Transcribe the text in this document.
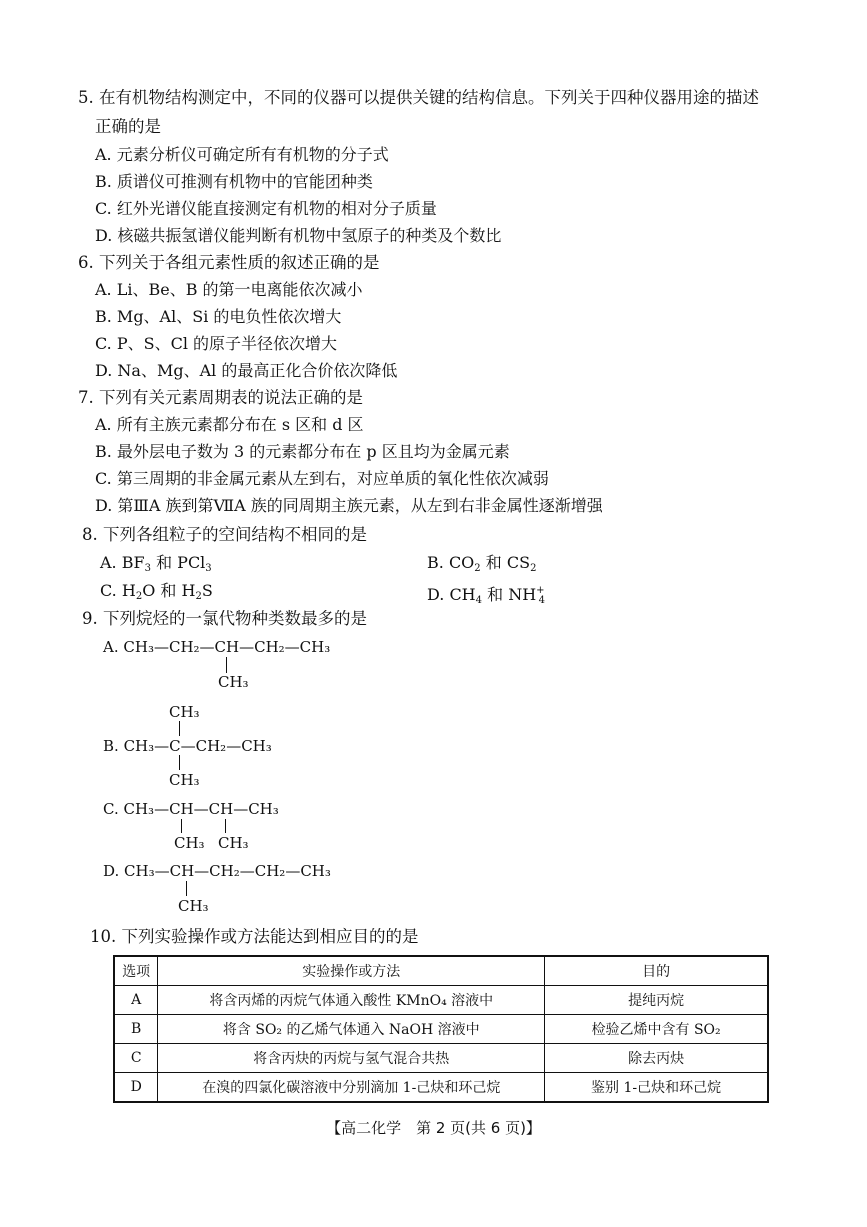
5. 在有机物结构测定中，不同的仪器可以提供关键的结构信息。下列关于四种仪器用途的描述
正确的是
A. 元素分析仪可确定所有有机物的分子式
B. 质谱仪可推测有机物中的官能团种类
C. 红外光谱仪能直接测定有机物的相对分子质量
D. 核磁共振氢谱仪能判断有机物中氢原子的种类及个数比
6. 下列关于各组元素性质的叙述正确的是
A. Li、Be、B 的第一电离能依次减小
B. Mg、Al、Si 的电负性依次增大
C. P、S、Cl 的原子半径依次增大
D. Na、Mg、Al 的最高正化合价依次降低
7. 下列有关元素周期表的说法正确的是
A. 所有主族元素都分布在 s 区和 d 区
B. 最外层电子数为 3 的元素都分布在 p 区且均为金属元素
C. 第三周期的非金属元素从左到右，对应单质的氧化性依次减弱
D. 第ⅢA 族到第ⅦA 族的同周期主族元素，从左到右非金属性逐渐增强
8. 下列各组粒子的空间结构不相同的是
A. $BF_3$ 和 PCl$_3$	B. $CO_2$ 和 $CS_2$
C. $H_2O$ 和 $H_2S$	D. $CH_4$ 和 $NH^+_4$
9. 下列烷烃的一氯代物种类数最多的是
A. CH₃—CH₂—CH—CH₂—CH₃
CH₃
CH₃
B. CH₃—C—CH₂—CH₃
CH₃
C. CH₃—CH—CH—CH₃
CH₃ CH₃
D. CH₃—CH—CH₂—CH₂—CH₃
CH₃
10. 下列实验操作或方法能达到相应目的的是
选项	实验操作或方法	目的
A	将含丙烯的丙烷气体通入酸性 KMnO₄ 溶液中	提纯丙烷
B	将含 SO₂ 的乙烯气体通入 NaOH 溶液中	检验乙烯中含有 SO₂
C	将含丙炔的丙烷与氢气混合共热	除去丙炔
D	在溴的四氯化碳溶液中分别滴加 1-己炔和环己烷	鉴别 1-己炔和环己烷
【高二化学　第 2 页(共 6 页)】
